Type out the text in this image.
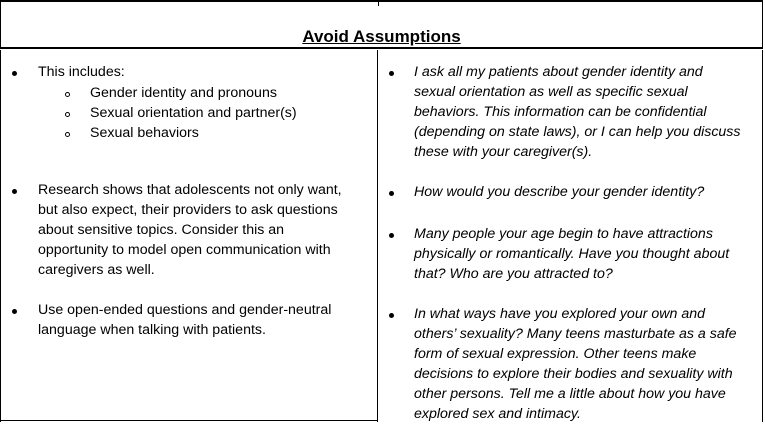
Avoid Assumptions
This includes:
Gender identity and pronouns
Sexual orientation and partner(s)
Sexual behaviors
Research shows that adolescents not only want,
but also expect, their providers to ask questions
about sensitive topics. Consider this an
opportunity to model open communication with
caregivers as well.
Use open-ended questions and gender-neutral
language when talking with patients.
I ask all my patients about gender identity and
sexual orientation as well as specific sexual
behaviors. This information can be confidential
(depending on state laws), or I can help you discuss
these with your caregiver(s).
How would you describe your gender identity?
Many people your age begin to have attractions
physically or romantically. Have you thought about
that? Who are you attracted to?
In what ways have you explored your own and
others’ sexuality? Many teens masturbate as a safe
form of sexual expression. Other teens make
decisions to explore their bodies and sexuality with
other persons. Tell me a little about how you have
explored sex and intimacy.
